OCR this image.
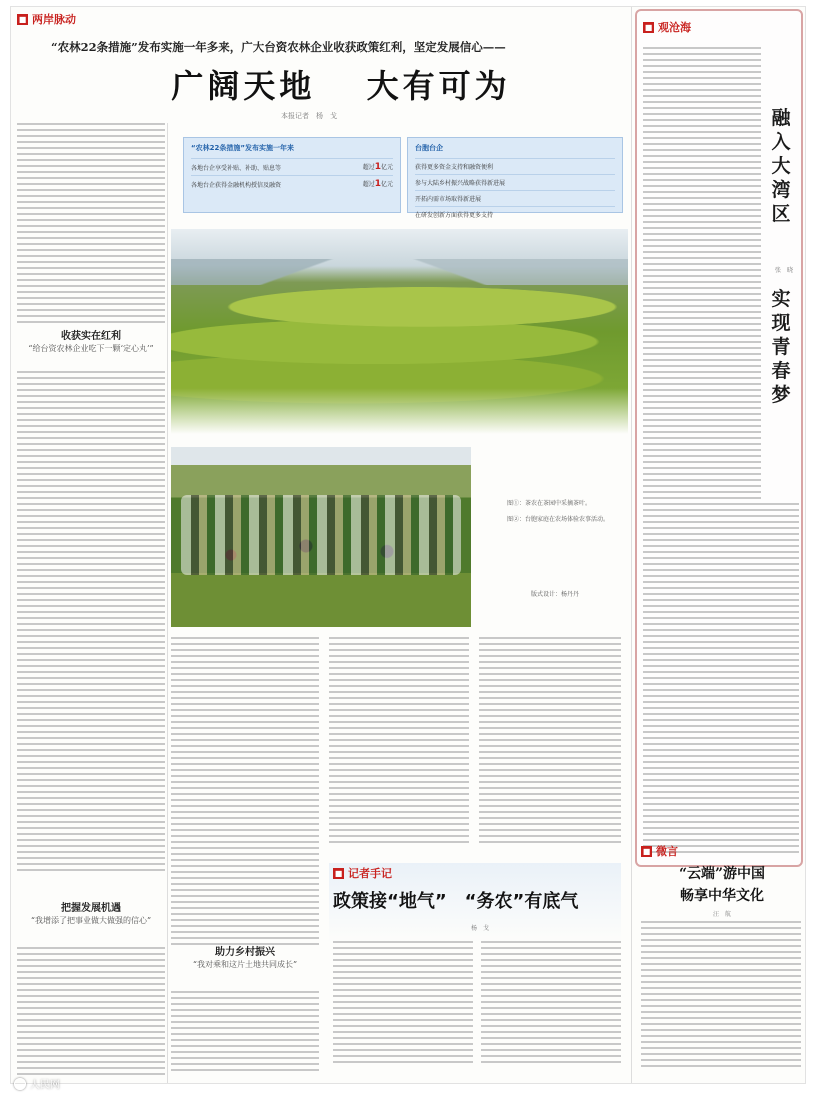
■ 两岸脉动
“农林22条措施”发布实施一年多来，广大台资农林企业收获政策红利，坚定发展信心——
广阔天地 大有可为
本报记者　杨　戈
收获实在红利
“给台资农林企业吃下一颗‘定心丸’”
把握发展机遇
“我增添了把事业做大做强的信心”
“农林22条措施”发布实施一年来
各地台企享受补贴、补助、贴息等	超过1亿元
各地台企获得金融机构授信及融资	超过1亿元
台胞台企
获得更多资金支持和融资便利
参与大陆乡村振兴战略获得新进展
开拓内需市场取得新进展
在研发创新方面获得更多支持

图①：茶农在茶园中采摘茶叶。

图②：台胞家庭在农场体验农事活动。

版式设计：杨丹丹
助力乡村振兴
“我对乘和这片土地共同成长”
■ 记者手记
政策接“地气”　“务农”有底气
杨　戈
■ 观沧海
融入大湾区
张　晓
实现青春梦
■ 微言
“云端”游中国
畅享中华文化
汪　航
人民网
